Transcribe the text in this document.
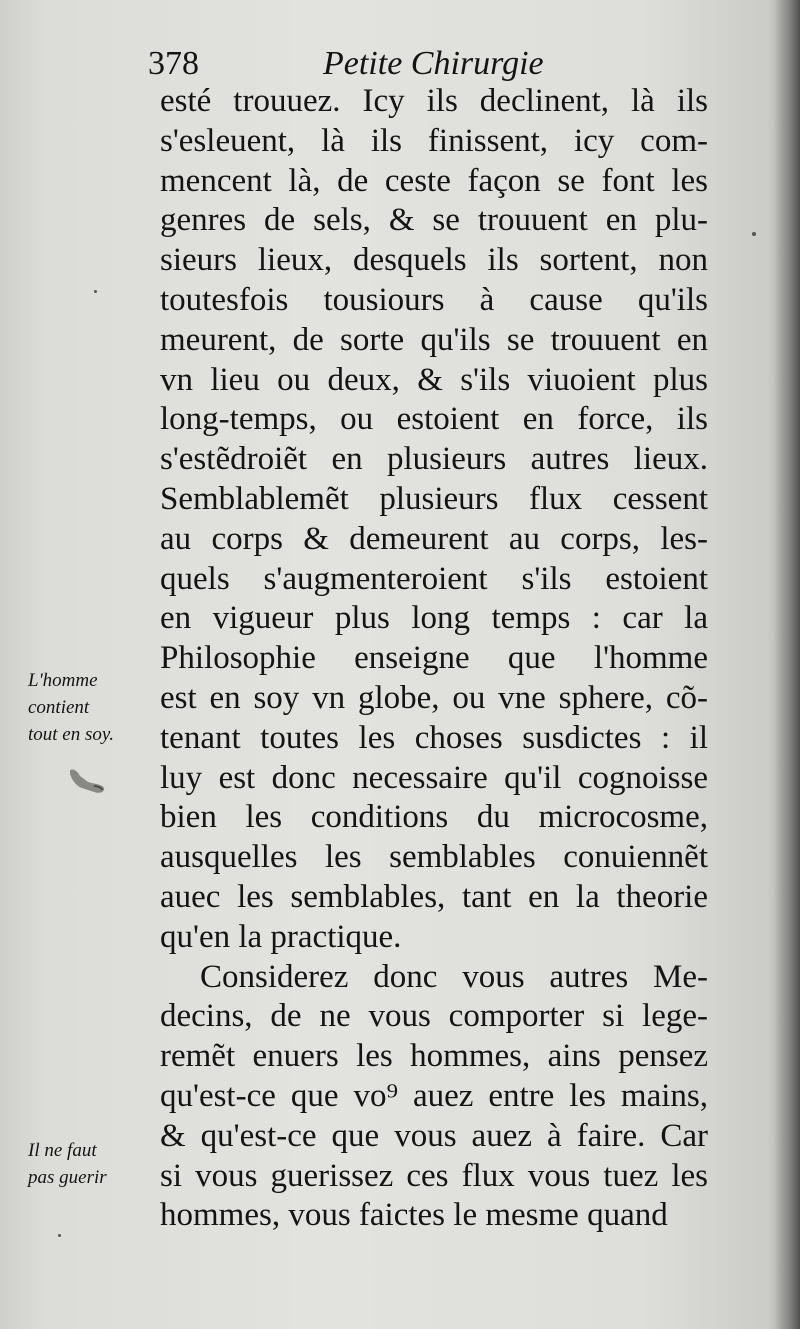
378	Petite Chirurgie
esté trouuez. Icy ils declinent, là ils
s'esleuent, là ils finissent, icy com-
mencent là, de ceste façon se font les
genres de sels, & se trouuent en plu-
sieurs lieux, desquels ils sortent, non
toutesfois tousiours à cause qu'ils
meurent, de sorte qu'ils se trouuent en
vn lieu ou deux, & s'ils viuoient plus
long-temps, ou estoient en force, ils
s'estẽdroiẽt en plusieurs autres lieux.
Semblablemẽt plusieurs flux cessent
au corps & demeurent au corps, les-
quels s'augmenteroient s'ils estoient
en vigueur plus long temps : car la
Philosophie enseigne que l'homme
est en soy vn globe, ou vne sphere, cõ-
tenant toutes les choses susdictes : il
luy est donc necessaire qu'il cognoisse
bien les conditions du microcosme,
ausquelles les semblables conuiennẽt
auec les semblables, tant en la theorie
qu'en la practique.
Considerez donc vous autres Me-
decins, de ne vous comporter si lege-
remẽt enuers les hommes, ains pensez
qu'est-ce que vo⁹ auez entre les mains,
& qu'est-ce que vous auez à faire. Car
si vous guerissez ces flux vous tuez les
hommes, vous faictes le mesme quand
L'homme
contient
tout en soy.
Il ne faut
pas guerir
